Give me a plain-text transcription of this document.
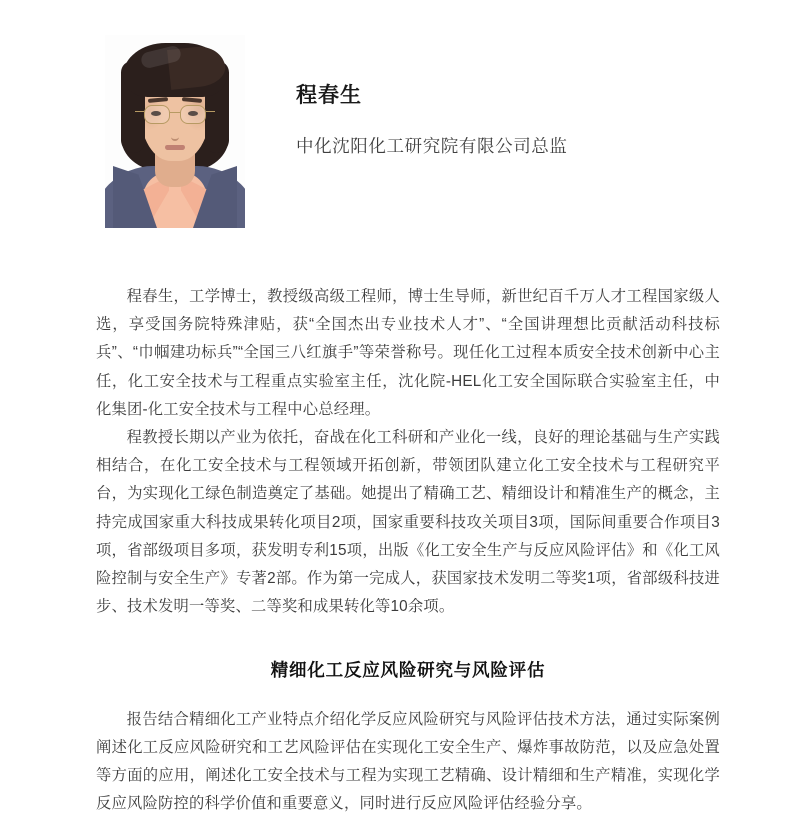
程春生

中化沈阳化工研究院有限公司总监

程春生，工学博士，教授级高级工程师，博士生导师，新世纪百千万人才工程国家级人选，享受国务院特殊津贴，获“全国杰出专业技术人才”、“全国讲理想比贡献活动科技标兵”、“巾帼建功标兵”“全国三八红旗手”等荣誉称号。现任化工过程本质安全技术创新中心主任，化工安全技术与工程重点实验室主任，沈化院-HEL化工安全国际联合实验室主任，中化集团-化工安全技术与工程中心总经理。

程教授长期以产业为依托，奋战在化工科研和产业化一线，良好的理论基础与生产实践相结合，在化工安全技术与工程领域开拓创新，带领团队建立化工安全技术与工程研究平台，为实现化工绿色制造奠定了基础。她提出了精确工艺、精细设计和精准生产的概念，主持完成国家重大科技成果转化项目2项，国家重要科技攻关项目3项，国际间重要合作项目3项，省部级项目多项，获发明专利15项，出版《化工安全生产与反应风险评估》和《化工风险控制与安全生产》专著2部。作为第一完成人，获国家技术发明二等奖1项，省部级科技进步、技术发明一等奖、二等奖和成果转化等10余项。

精细化工反应风险研究与风险评估

报告结合精细化工产业特点介绍化学反应风险研究与风险评估技术方法，通过实际案例阐述化工反应风险研究和工艺风险评估在实现化工安全生产、爆炸事故防范，以及应急处置等方面的应用，阐述化工安全技术与工程为实现工艺精确、设计精细和生产精准，实现化学反应风险防控的科学价值和重要意义，同时进行反应风险评估经验分享。
